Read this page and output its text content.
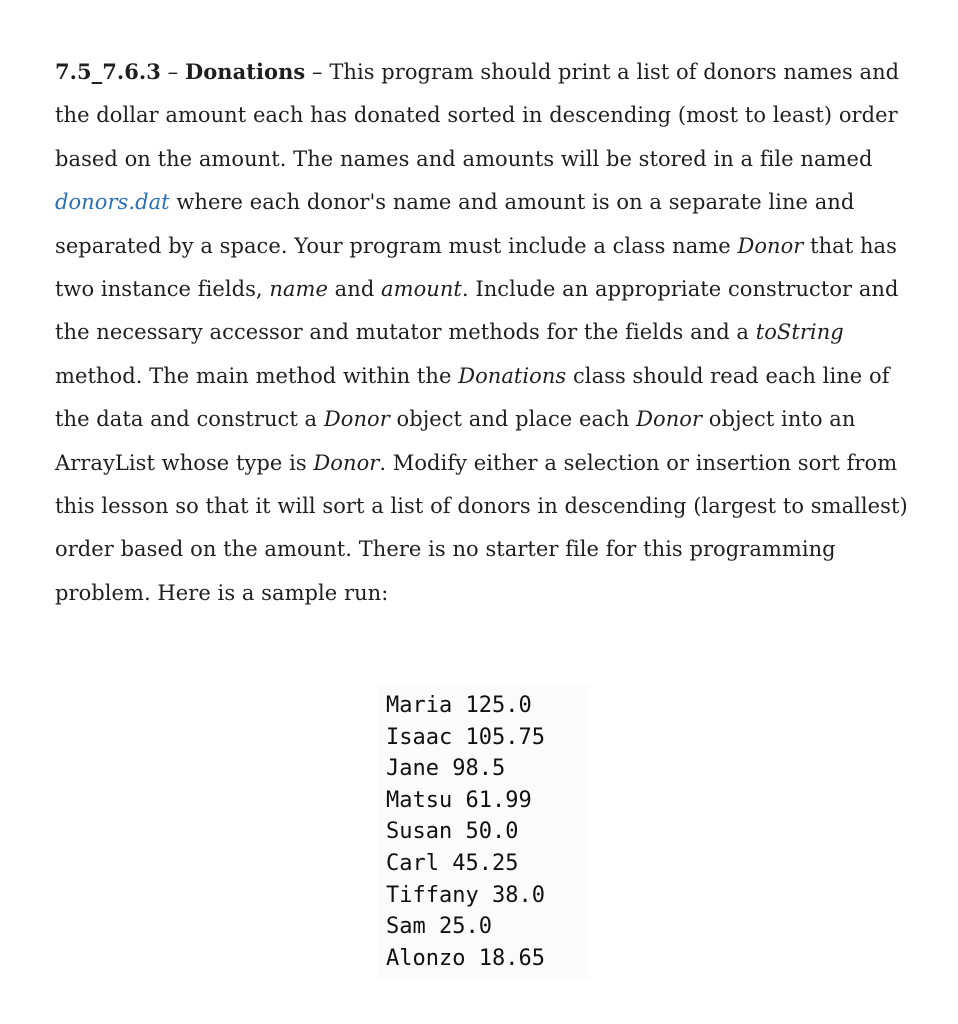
7.5_7.6.3 – Donations – This program should print a list of donors names and the dollar amount each has donated sorted in descending (most to least) order based on the amount. The names and amounts will be stored in a file named donors.dat where each donor's name and amount is on a separate line and separated by a space. Your program must include a class name Donor that has two instance fields, name and amount. Include an appropriate constructor and the necessary accessor and mutator methods for the fields and a toString method. The main method within the Donations class should read each line of the data and construct a Donor object and place each Donor object into an ArrayList whose type is Donor. Modify either a selection or insertion sort from this lesson so that it will sort a list of donors in descending (largest to smallest) order based on the amount. There is no starter file for this programming problem. Here is a sample run:

Maria 125.0
Isaac 105.75
Jane 98.5
Matsu 61.99
Susan 50.0
Carl 45.25
Tiffany 38.0
Sam 25.0
Alonzo 18.65
